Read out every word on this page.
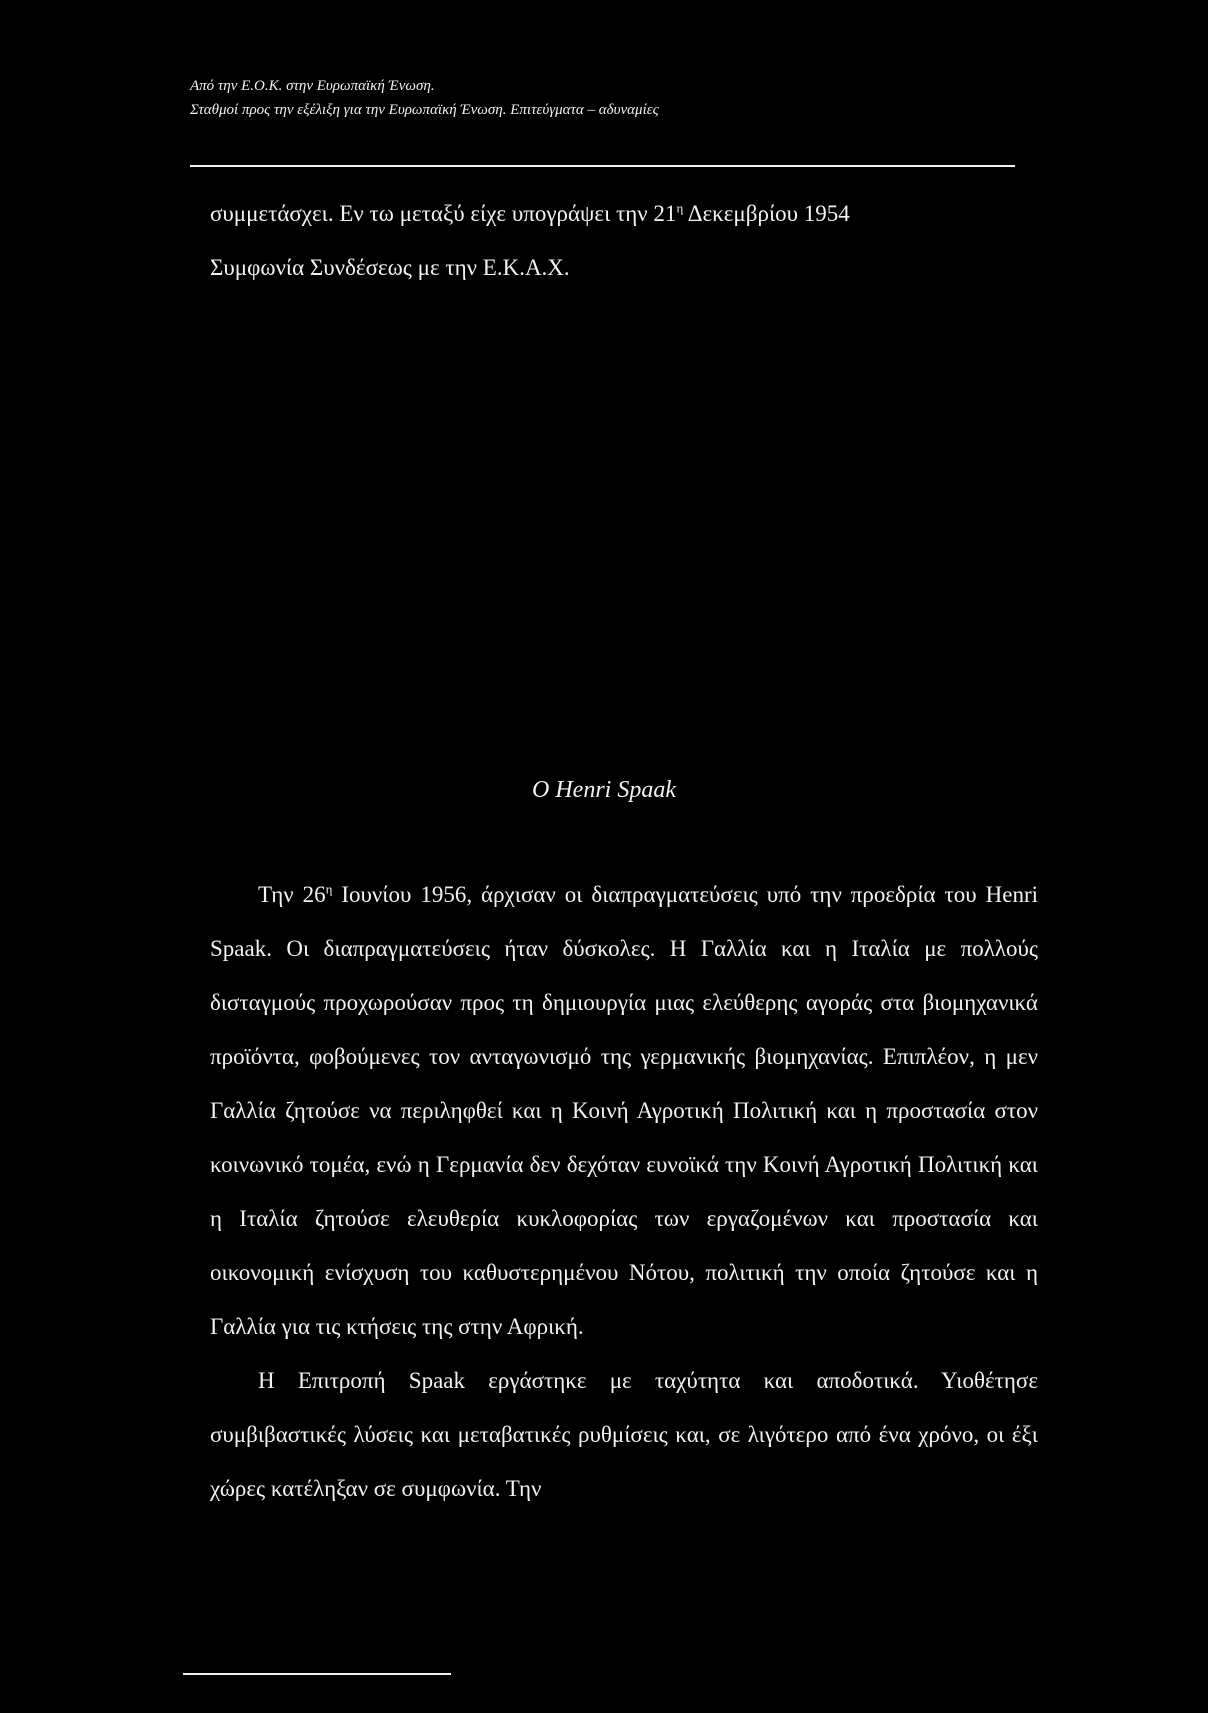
Από την Ε.Ο.Κ. στην Ευρωπαϊκή Ένωση.
Σταθμοί προς την εξέλιξη για την Ευρωπαϊκή Ένωση. Επιτεύγματα – αδυναμίες
συμμετάσχει. Εν τω μεταξύ είχε υπογράψει την $21^\eta$ Δεκεμβρίου 1954
Συμφωνία Συνδέσεως με την Ε.Κ.Α.Χ.
O Henri Spaak

Την $26^\eta$ Ιουνίου 1956, άρχισαν οι διαπραγματεύσεις υπό την προεδρία του Henri Spaak. Οι διαπραγματεύσεις ήταν δύσκολες. Η Γαλλία και η Ιταλία με πολλούς δισταγμούς προχωρούσαν προς τη δημιουργία μιας ελεύθερης αγοράς στα βιομηχανικά προϊόντα, φοβούμενες τον ανταγωνισμό της γερμανικής βιομηχανίας. Επιπλέον, η μεν Γαλλία ζητούσε να περιληφθεί και η Κοινή Αγροτική Πολιτική και η προστασία στον κοινωνικό τομέα, ενώ η Γερμανία δεν δεχόταν ευνοϊκά την Κοινή Αγροτική Πολιτική και η Ιταλία ζητούσε ελευθερία κυκλοφορίας των εργαζομένων και προστασία και οικονομική ενίσχυση του καθυστερημένου Νότου, πολιτική την οποία ζητούσε και η Γαλλία για τις κτήσεις της στην Αφρική.

Η Επιτροπή Spaak εργάστηκε με ταχύτητα και αποδοτικά. Υιοθέτησε συμβιβαστικές λύσεις και μεταβατικές ρυθμίσεις και, σε λιγότερο από ένα χρόνο, οι έξι χώρες κατέληξαν σε συμφωνία. Την
